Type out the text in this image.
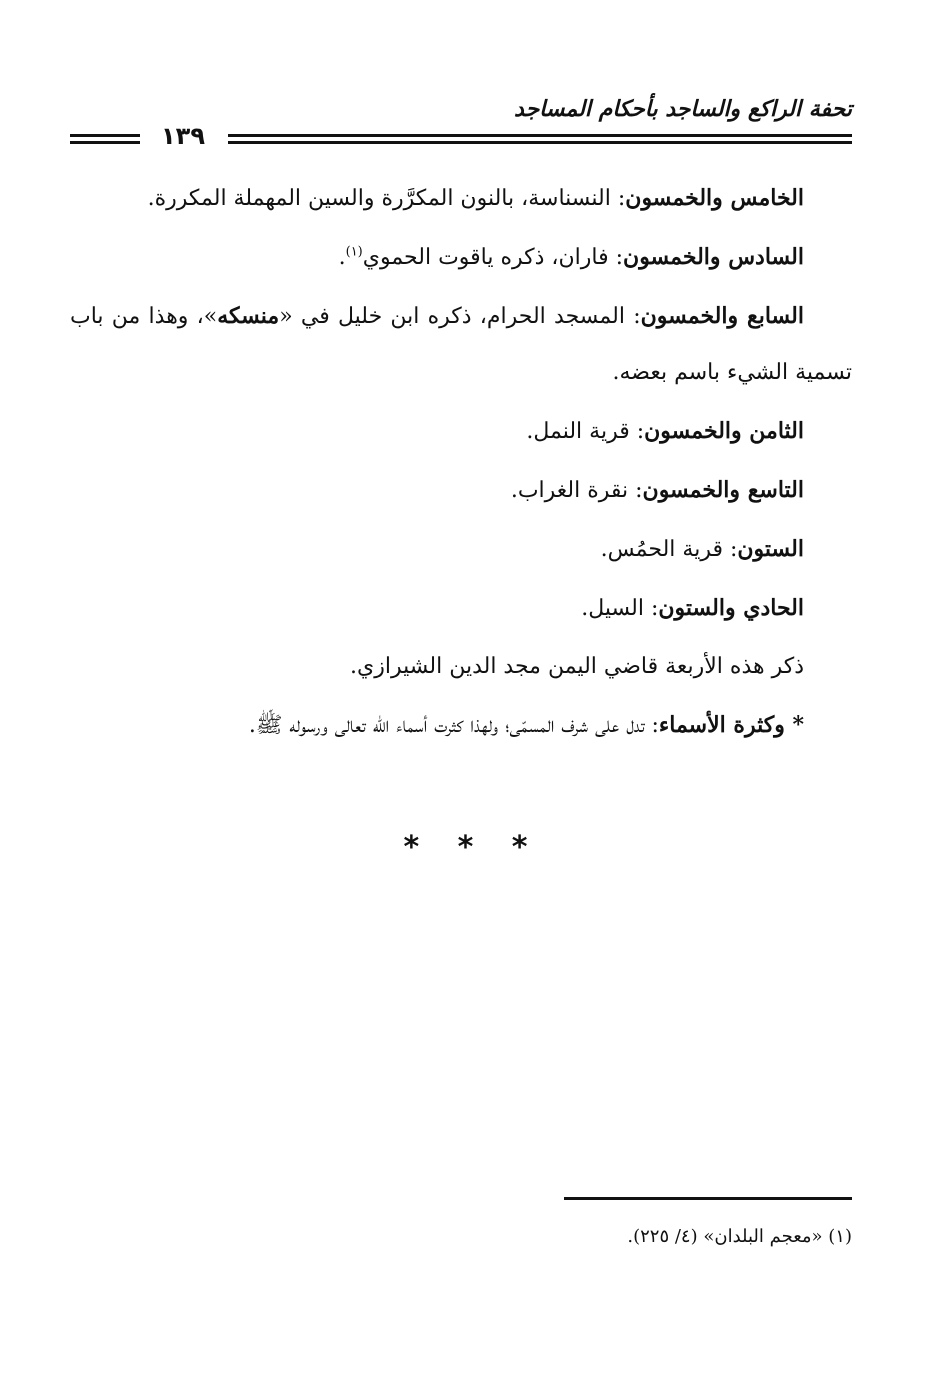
تحفة الراكع والساجد بأحكام المساجد
١٣٩

الخامس والخمسون: النسناسة، بالنون المكرَّرة والسين المهملة المكررة.

السادس والخمسون: فاران، ذكره ياقوت الحموي$^{(١)}$.

السابع والخمسون: المسجد الحرام، ذكره ابن خليل في «منسكه»، وهذا من باب تسمية الشيء باسم بعضه.

الثامن والخمسون: قرية النمل.

التاسع والخمسون: نقرة الغراب.

الستون: قرية الحمُس.

الحادي والستون: السيل.

ذكر هذه الأربعة قاضي اليمن مجد الدين الشيرازي.

* وكثرة الأسماء: تدل على شرف المسمّى؛ ولهذا كثرت أسماء اللّٰه تعالى ورسوله ﷺ.

* * *
(١) «معجم البلدان» (٤/ ٢٢٥).
